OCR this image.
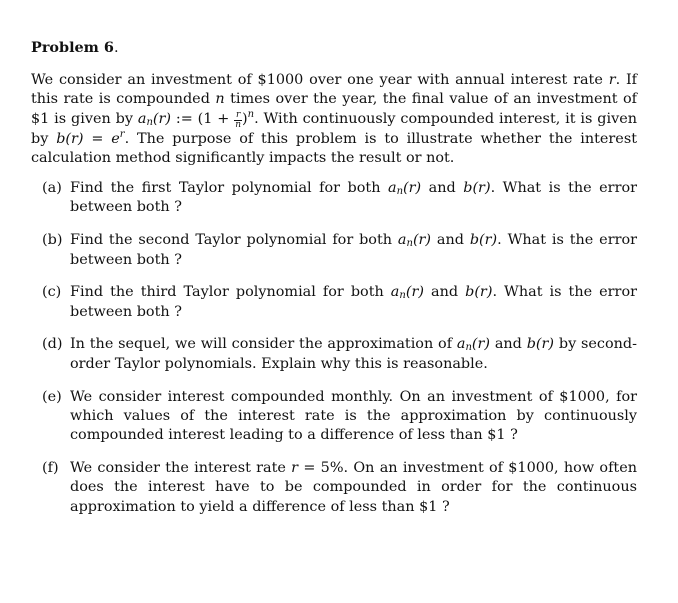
Problem 6.

We consider an investment of $1000 over one year with annual interest rate r. If this rate is compounded n times over the year, the final value of an investment of $1 is given by $a_n(r)$ := $(1 + \frac{r}{n} )^n$. With continuously compounded interest, it is given by $b(r) = e^r$. The purpose of this problem is to illustrate whether the interest calculation method significantly impacts the result or not.

(a) Find the first Taylor polynomial for both $a_n(r)$ and b(r). What is the error between both ?
(b) Find the second Taylor polynomial for both $a_n(r)$ and b(r). What is the error between both ?
(c) Find the third Taylor polynomial for both $a_n(r)$ and b(r). What is the error between both ?
(d) In the sequel, we will consider the approximation of $a_n(r)$ and b(r) by second-order Taylor polynomials. Explain why this is reasonable.
(e) We consider interest compounded monthly. On an investment of $1000, for which values of the interest rate is the approximation by continuously compounded interest leading to a difference of less than $1 ?
(f) We consider the interest rate r = 5%. On an investment of $1000, how often does the interest have to be compounded in order for the continuous approximation to yield a difference of less than $1 ?
